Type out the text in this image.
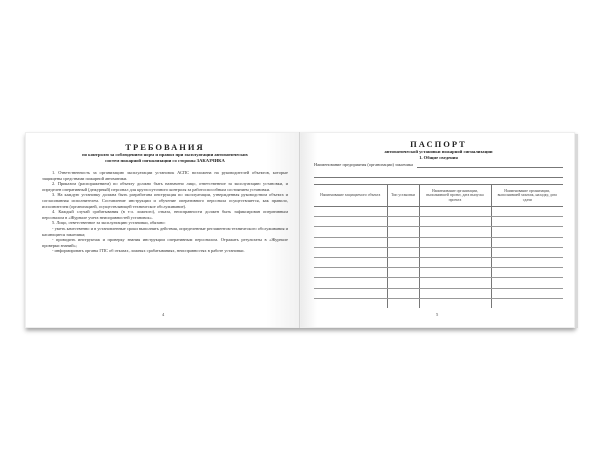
ТРЕБОВАНИЯ
по контролю за соблюдением норм и правил при эксплуатации автоматических
систем пожарной сигнализации со стороны ЗАКАЗЧИКА
1. Ответственность за организацию эксплуатации установок АСПС возложена на руководителей объектов, которые защищены средствами пожарной автоматики.
2. Приказом (распоряжением) по объекту должно быть назначено лицо, ответственное за эксплуатацию установки, и определен оперативный (дежурный) персонал для круглосуточного контроля за работоспособным состоянием установки.
3. На каждую установку должна быть разработана инструкция по эксплуатации, утвержденная руководством объекта и согласованная исполнителем. Составление инструкции и обучение оперативного персонала осуществляется, как правило, исполнителем (организацией, осуществляющей техническое обслуживание).
4. Каждый случай срабатывания (в т.ч. ложного), отказа, неисправности должен быть зафиксирован оперативным персоналом в «Журнале учета неисправностей установок».
5. Лицо, ответственное за эксплуатацию установки, обязано:
- уметь качественно и в установленные сроки выполнять действия, определенные регламентом технического обслуживания и касающиеся заказчика;
- проводить инструктаж и проверку знания инструкции оперативным персоналом. Отражать результаты в «Журнале проверки знаний»;
- информировать органы ГПС об отказах, ложных срабатываниях, неисправностях в работе установки.
4
ПАСПОРТ
автоматической установки пожарной сигнализации
1. Общие сведения
Наименование предприятия (организации) заказчика
Наименование защищаемого объекта	Тип установки	Наименование организации, выполнившей проект, дата выпуска проекта	Наименование организации, выполнившей монтаж, наладку, дата сдачи

5
